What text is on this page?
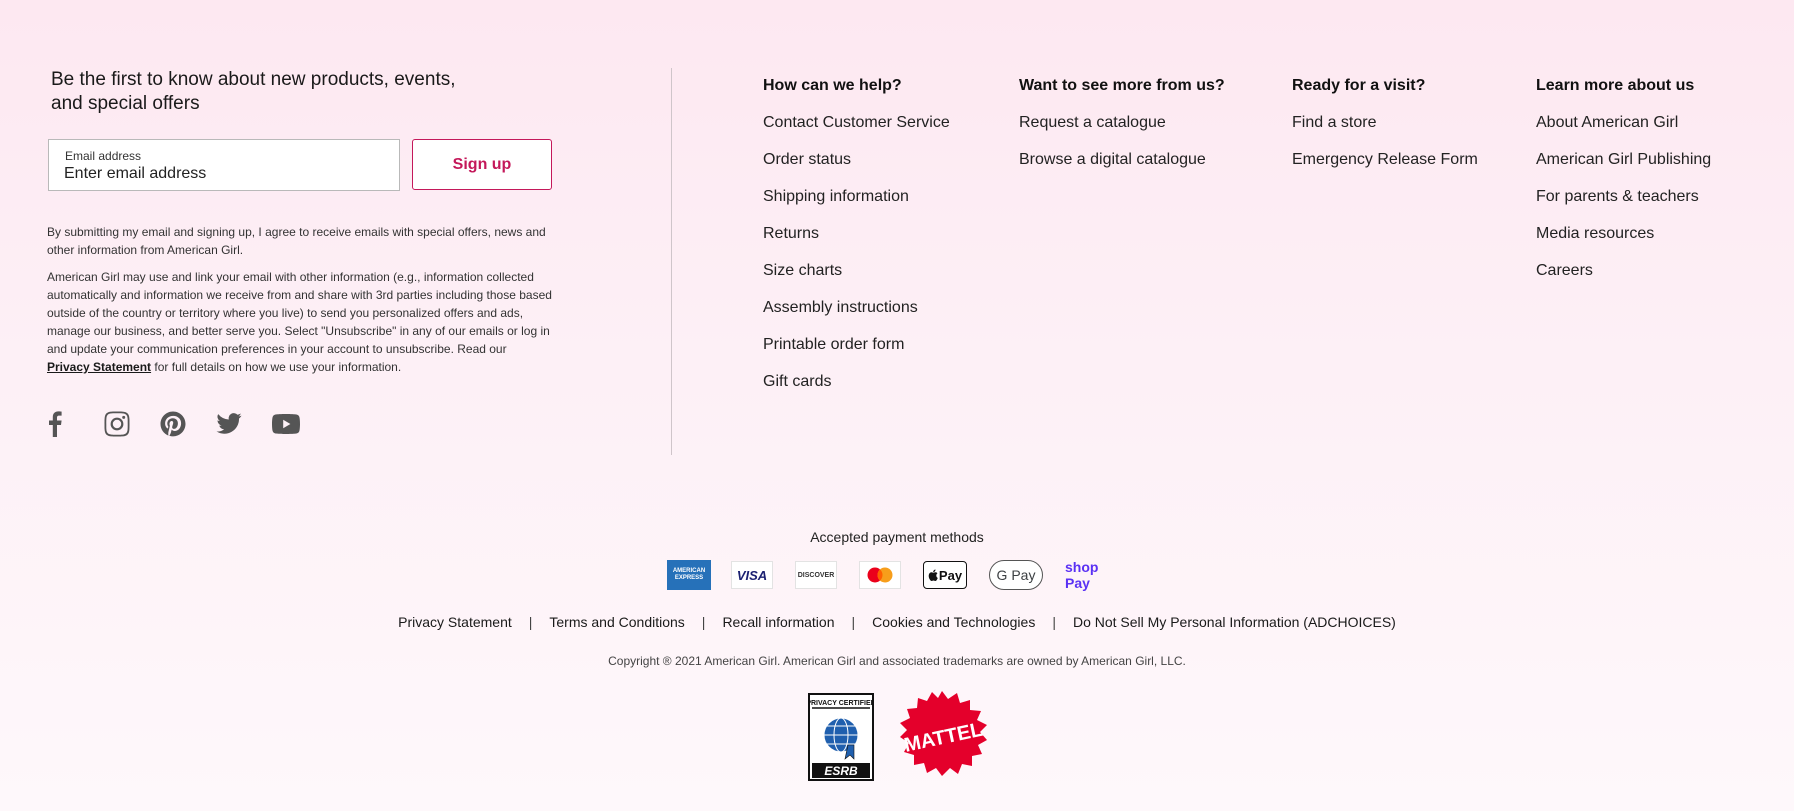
Be the first to know about new products, events, and special offers
Email address
Enter email address	Sign up
By submitting my email and signing up, I agree to receive emails with special offers, news and other information from American Girl.
American Girl may use and link your email with other information (e.g., information collected automatically and information we receive from and share with 3rd parties including those based outside of the country or territory where you live) to send you personalized offers and ads, manage our business, and better serve you. Select "Unsubscribe" in any of our emails or log in and update your communication preferences in your account to unsubscribe. Read our Privacy Statement for full details on how we use your information.
How can we help?
Contact Customer Service
Order status
Shipping information
Returns
Size charts
Assembly instructions
Printable order form
Gift cards
Want to see more from us?
Request a catalogue
Browse a digital catalogue
Ready for a visit?
Find a store
Emergency Release Form
Learn more about us
About American Girl
American Girl Publishing
For parents & teachers
Media resources
Careers
Accepted payment methods
AMERICAN EXPRESS	VISA	DISCOVER	Pay G Pay shop Pay
Privacy Statement | Terms and Conditions | Recall information | Cookies and Technologies | Do Not Sell My Personal Information (ADCHOICES)
Copyright ® 2021 American Girl. American Girl and associated trademarks are owned by American Girl, LLC.
PRIVACY CERTIFIED
ESRB
MATTEL
